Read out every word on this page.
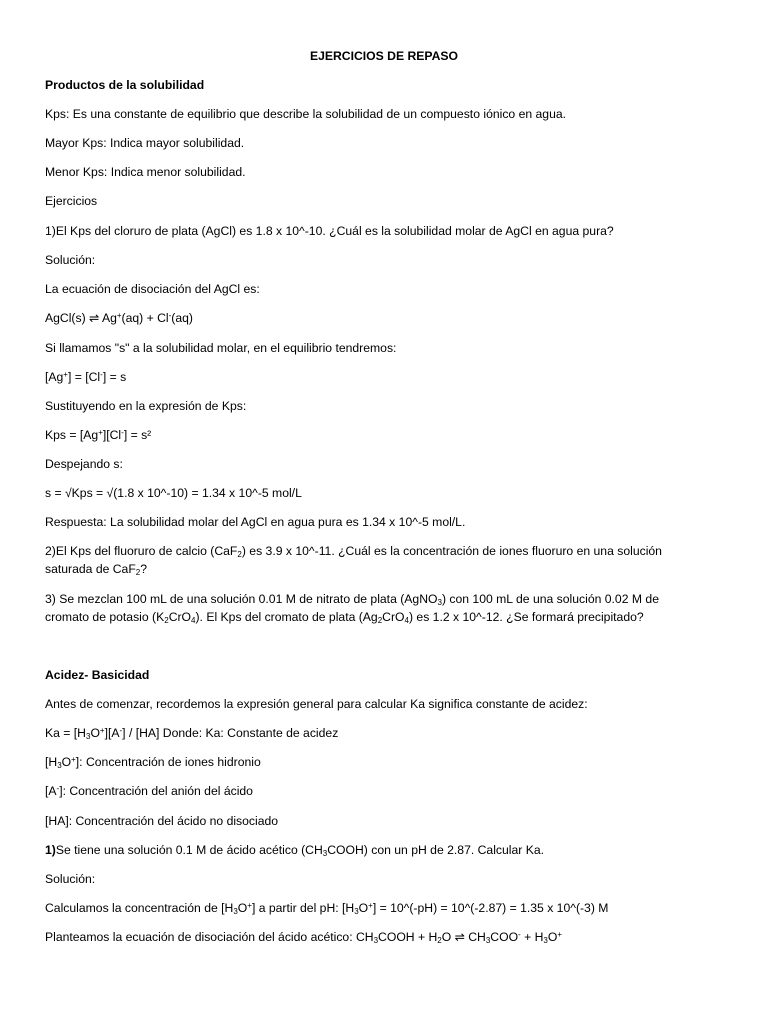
EJERCICIOS DE REPASO
Productos de la solubilidad
Kps: Es una constante de equilibrio que describe la solubilidad de un compuesto iónico en agua.
Mayor Kps: Indica mayor solubilidad.
Menor Kps: Indica menor solubilidad.
Ejercicios
1)El Kps del cloruro de plata (AgCl) es 1.8 x 10^-10. ¿Cuál es la solubilidad molar de AgCl en agua pura?
Solución:
La ecuación de disociación del AgCl es:
AgCl(s) ⇌ Ag+(aq) + Cl-(aq)
Si llamamos "s" a la solubilidad molar, en el equilibrio tendremos:
[Ag+] = [Cl-] = s
Sustituyendo en la expresión de Kps:
Kps = [Ag+][Cl-] = s²
Despejando s:
s = √Kps = √(1.8 x 10^-10) = 1.34 x 10^-5 mol/L
Respuesta: La solubilidad molar del AgCl en agua pura es 1.34 x 10^-5 mol/L.
2)El Kps del fluoruro de calcio (CaF$_2$) es 3.9 x 10^-11. ¿Cuál es la concentración de iones fluoruro en una solución
saturada de CaF$_2$?
3) Se mezclan 100 mL de una solución 0.01 M de nitrato de plata (AgNO$_3$) con 100 mL de una solución 0.02 M de
cromato de potasio $(K_2CrO_4)$. El Kps del cromato de plata $(Ag_2CrO_4)$ es 1.2 x 10^-12. ¿Se formará precipitado?
Acidez- Basicidad
Antes de comenzar, recordemos la expresión general para calcular Ka significa constante de acidez:
$Ka = [H_3O^+][A^-] / [HA]$ Donde: Ka: Constante de acidez
$[H_3O^+]$: Concentración de iones hidronio
[A-]: Concentración del anión del ácido
[HA]: Concentración del ácido no disociado
1)Se tiene una solución 0.1 M de ácido acético $(CH_3COOH)$ con un pH de 2.87. Calcular Ka.
Solución:
Calculamos la concentración de $[H_3O^+]$ a partir del pH: $[H_3O^+]$ = 10^(-pH) = 10^(-2.87) = 1.35 x 10^(-3) M
Planteamos la ecuación de disociación del ácido acético: $CH_3COOH + H_2O$ ⇌ $CH_3COO^- + H_3O^+$
